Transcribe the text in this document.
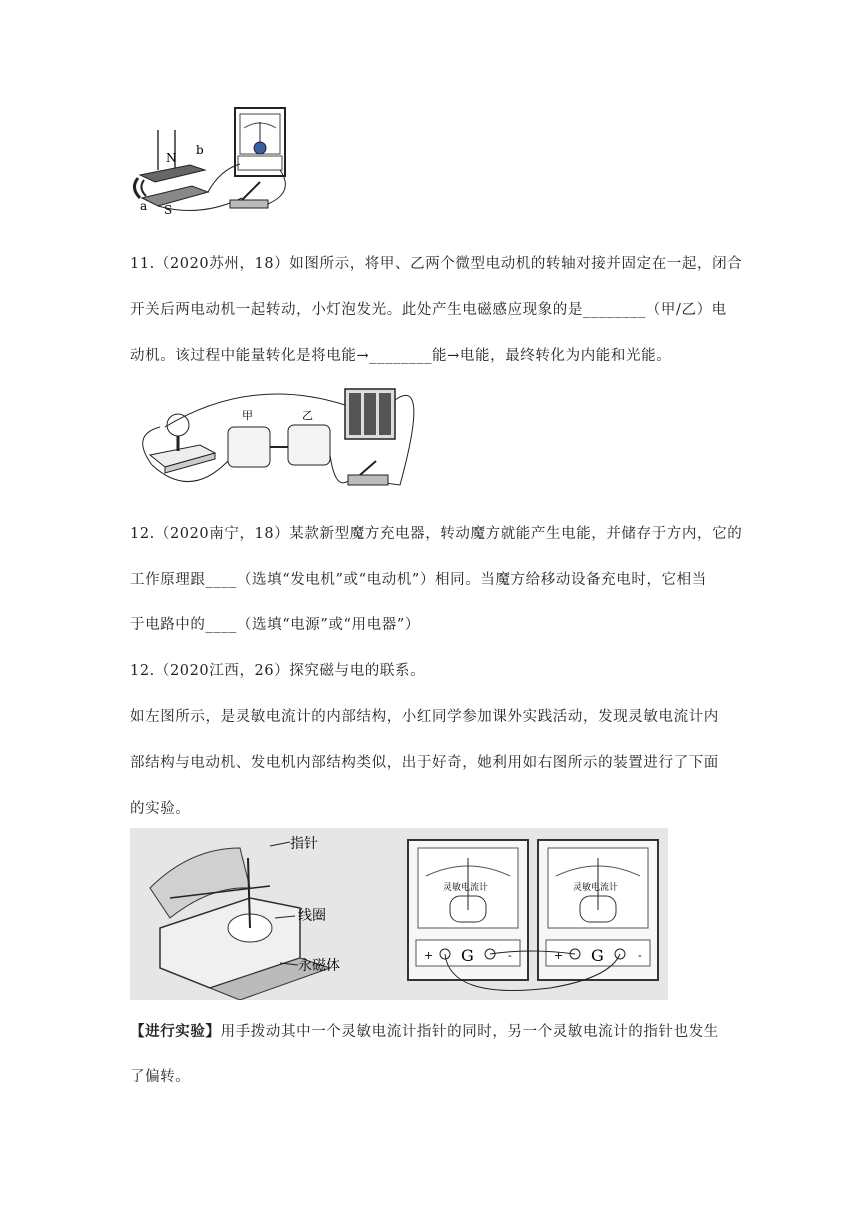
N
S
a
b
11.（2020苏州，18）如图所示，将甲、乙两个微型电动机的转轴对接并固定在一起，闭合
开关后两电动机一起转动，小灯泡发光。此处产生电磁感应现象的是________（甲/乙）电
动机。该过程中能量转化是将电能→________能→电能，最终转化为内能和光能。
甲	乙
12.（2020南宁，18）某款新型魔方充电器，转动魔方就能产生电能，并储存于方内，它的
工作原理跟____（选填“发电机”或“电动机”）相同。当魔方给移动设备充电时，它相当
于电路中的____（选填“电源”或“用电器”）
12.（2020江西，26）探究磁与电的联系。
如左图所示，是灵敏电流计的内部结构，小红同学参加课外实践活动，发现灵敏电流计内
部结构与电动机、发电机内部结构类似，出于好奇，她利用如右图所示的装置进行了下面
的实验。
指针
线圈
永磁体
灵敏电流计
+ G	-
灵敏电流计
+ G	-
【进行实验】用手拨动其中一个灵敏电流计指针的同时，另一个灵敏电流计的指针也发生
了偏转。
